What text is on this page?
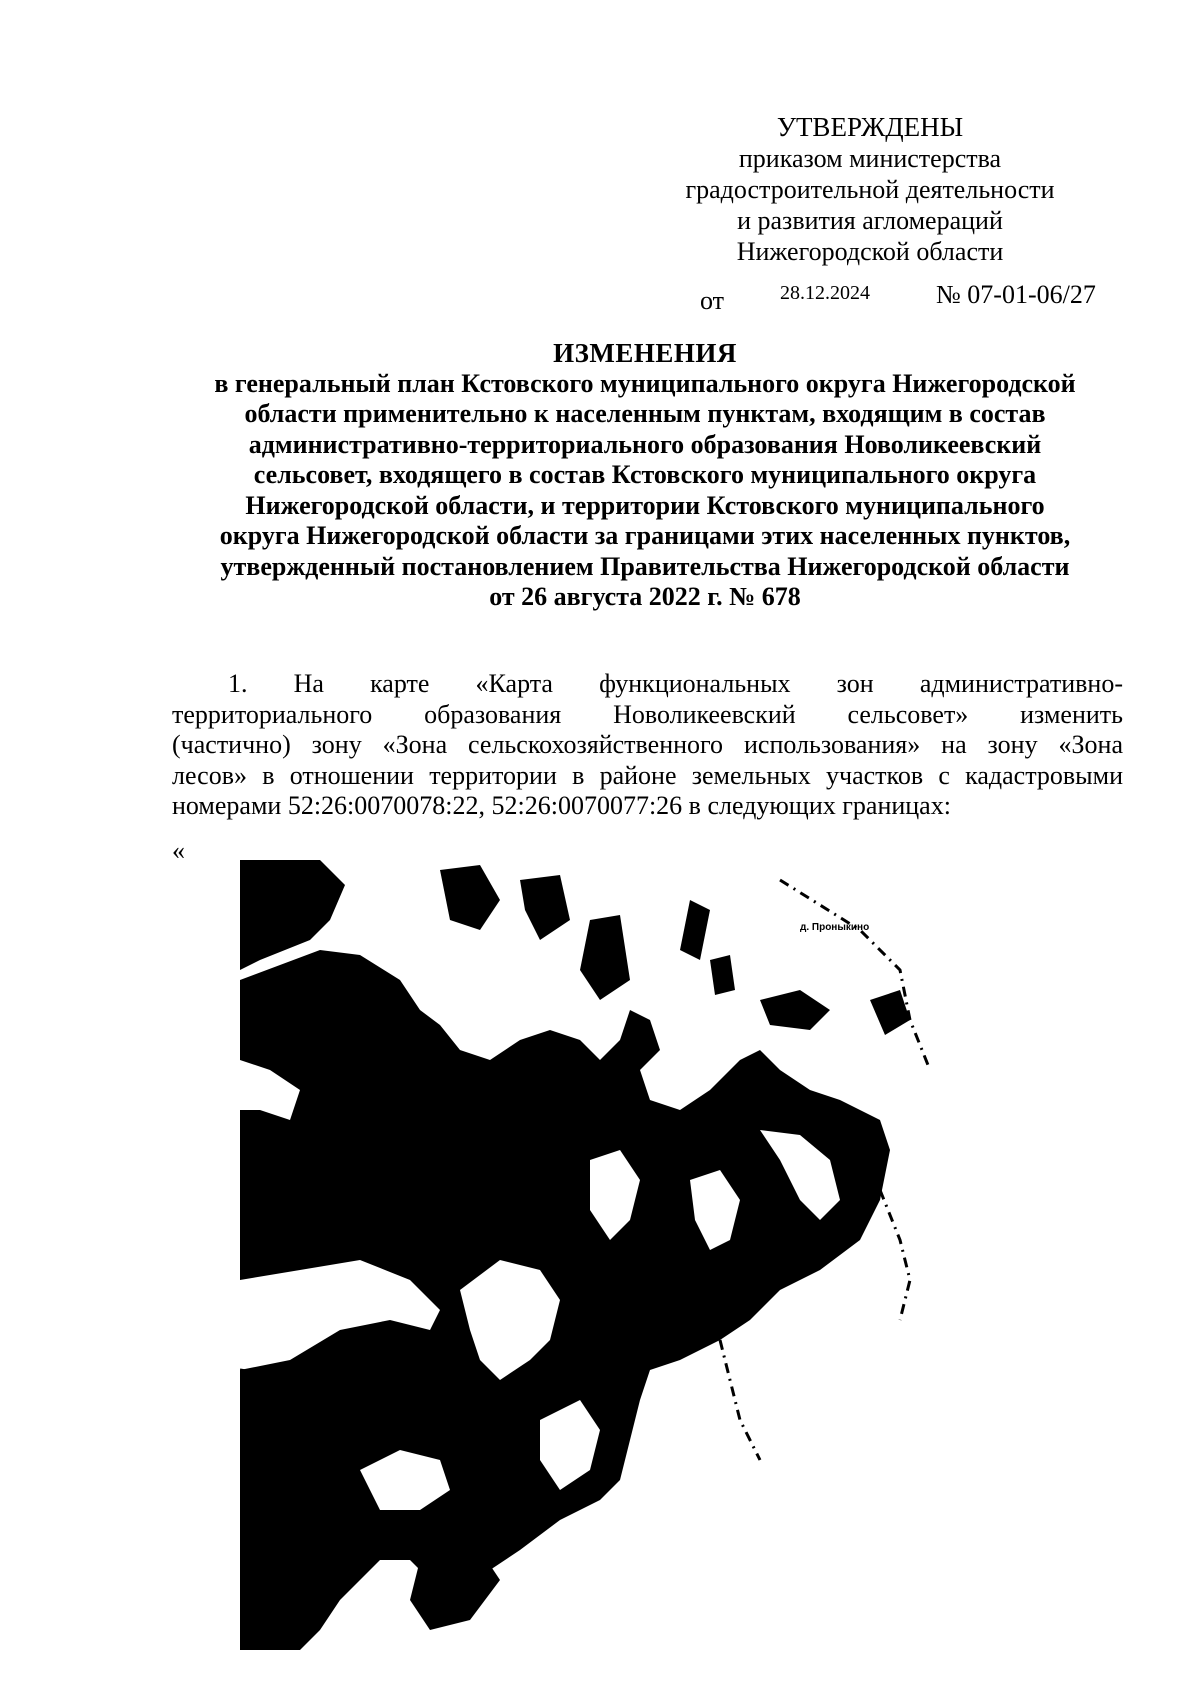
УТВЕРЖДЕНЫ
приказом министерства
градостроительной деятельности
и развития агломераций
Нижегородской области
от	28.12.2024	№ 07-01-06/27
ИЗМЕНЕНИЯ
в генеральный план Кстовского муниципального округа Нижегородской
области применительно к населенным пунктам, входящим в состав
административно-территориального образования Новоликеевский
сельсовет, входящего в состав Кстовского муниципального округа
Нижегородской области, и территории Кстовского муниципального
округа Нижегородской области за границами этих населенных пунктов,
утвержденный постановлением Правительства Нижегородской области
от 26 августа 2022 г. № 678
1. На карте «Карта функциональных зон административно-
территориального образования Новоликеевский сельсовет» изменить
(частично) зону «Зона сельскохозяйственного использования» на зону «Зона
лесов» в отношении территории в районе земельных участков с кадастровыми
номерами 52:26:0070078:22, 52:26:0070077:26 в следующих границах:
«
д. Проныкино
